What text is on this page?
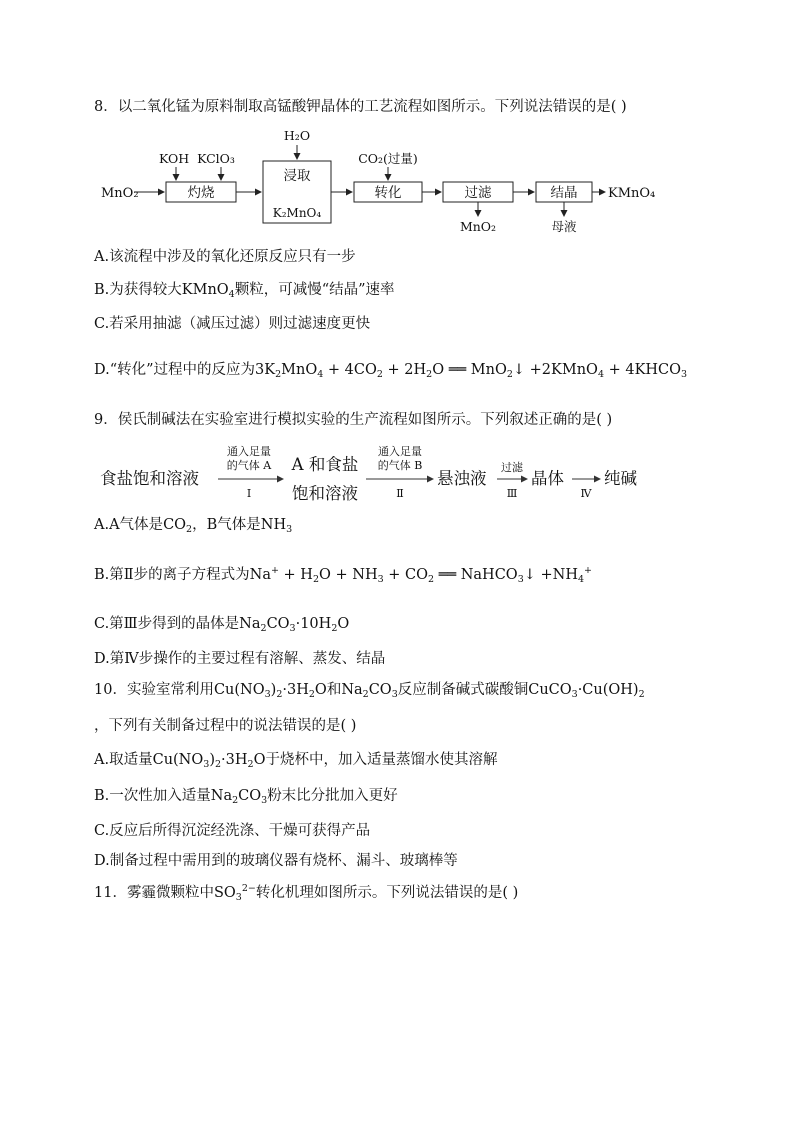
8．以二氧化锰为原料制取高锰酸钾晶体的工艺流程如图所示。下列说法错误的是( )
MnO₂	灼烧
KOH  KClO₃
H₂O
浸取
K₂MnO₄
CO₂(过量)
转化	过滤
MnO₂
结晶
母液
KMnO₄
A.该流程中涉及的氧化还原反应只有一步
B.为获得较大KMnO$_4$颗粒，可减慢“结晶”速率
C.若采用抽滤（减压过滤）则过滤速度更快
D.“转化”过程中的反应为$3K_2MnO_4 + 4CO_2 + 2H_2O$ ══ MnO$_2$↓ +2KMnO$_4$ + $4KHCO_3$
9．侯氏制碱法在实验室进行模拟实验的生产流程如图所示。下列叙述正确的是( )
食盐饱和溶液
通入足量
的气体 A
Ⅰ
A 和食盐
饱和溶液
通入足量
的气体 B
Ⅱ
悬浊液
过滤
Ⅲ
晶体
Ⅳ
纯碱
A.A气体是$CO_2$，B气体是$NH_3$
B.第Ⅱ步的离子方程式为$Na^+ + H_2O + NH_3 + CO_2$ ══ NaHCO$_3$↓ $+NH_4^+$
C.第Ⅲ步得到的晶体是$Na_2CO_3\cdot 10H_2O$
D.第Ⅳ步操作的主要过程有溶解、蒸发、结晶
10．实验室常利用$Cu(NO_3)_2\cdot 3H_2O$和$Na_2CO_3$反应制备碱式碳酸铜$CuCO_3\cdot Cu(OH)_2$
，下列有关制备过程中的说法错误的是( )
A.取适量$Cu(NO_3)_2\cdot 3H_2O$于烧杯中，加入适量蒸馏水使其溶解
B.一次性加入适量$Na_2CO_3$粉末比分批加入更好
C.反应后所得沉淀经洗涤、干燥可获得产品
D.制备过程中需用到的玻璃仪器有烧杯、漏斗、玻璃棒等
11．雾霾微颗粒中$SO_3^{2-}$转化机理如图所示。下列说法错误的是( )
